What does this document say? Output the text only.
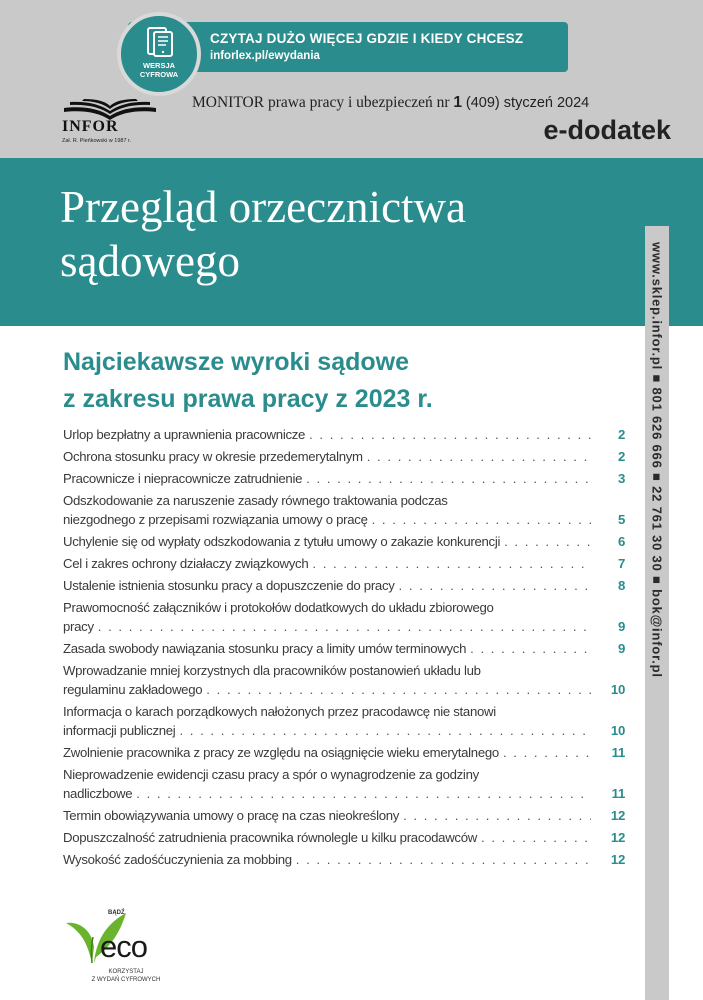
CZYTAJ DUŻO WIĘCEJ GDZIE I KIEDY CHCESZ
inforlex.pl/ewydania
WERSJA
CYFROWA
INFOR
Zał. R. Pieńkowski w 1987 r.
MONITOR prawa pracy i ubezpieczeń nr 1 (409) styczeń 2024
e-dodatek
Przegląd orzecznictwa sądowego	www.sklep.infor.pl ■ 801 626 666 ■ 22 761 30 30 ■ bok@infor.pl
Najciekawsze wyroki sądowe
z zakresu prawa pracy z 2023 r.
Urlop bezpłatny a uprawnienia pracownicze . . .	2
Ochrona stosunku pracy w okresie przedemerytalnym . . .	2
Pracownicze i niepracownicze zatrudnienie . . .	3
Odszkodowanie za naruszenie zasady równego traktowania podczas
niezgodnego z przepisami rozwiązania umowy o pracę . . .	5
Uchylenie się od wypłaty odszkodowania z tytułu umowy o zakazie konkurencji . . .	6
Cel i zakres ochrony działaczy związkowych . . .	7
Ustalenie istnienia stosunku pracy a dopuszczenie do pracy . . .	8
Prawomocność załączników i protokołów dodatkowych do układu zbiorowego
pracy . . .	9
Zasada swobody nawiązania stosunku pracy a limity umów terminowych . . .	9
Wprowadzanie mniej korzystnych dla pracowników postanowień układu lub
regulaminu zakładowego . . .	10
Informacja o karach porządkowych nałożonych przez pracodawcę nie stanowi
informacji publicznej . . .	10
Zwolnienie pracownika z pracy ze względu na osiągnięcie wieku emerytalnego . . .	11
Nieprowadzenie ewidencji czasu pracy a spór o wynagrodzenie za godziny
nadliczbowe . . .	11
Termin obowiązywania umowy o pracę na czas nieokreślony . . .	12
Dopuszczalność zatrudnienia pracownika równolegle u kilku pracodawców . . .	12
Wysokość zadośćuczynienia za mobbing . . .	12
BĄDŹ
eco
KORZYSTAJ
Z WYDAŃ CYFROWYCH
